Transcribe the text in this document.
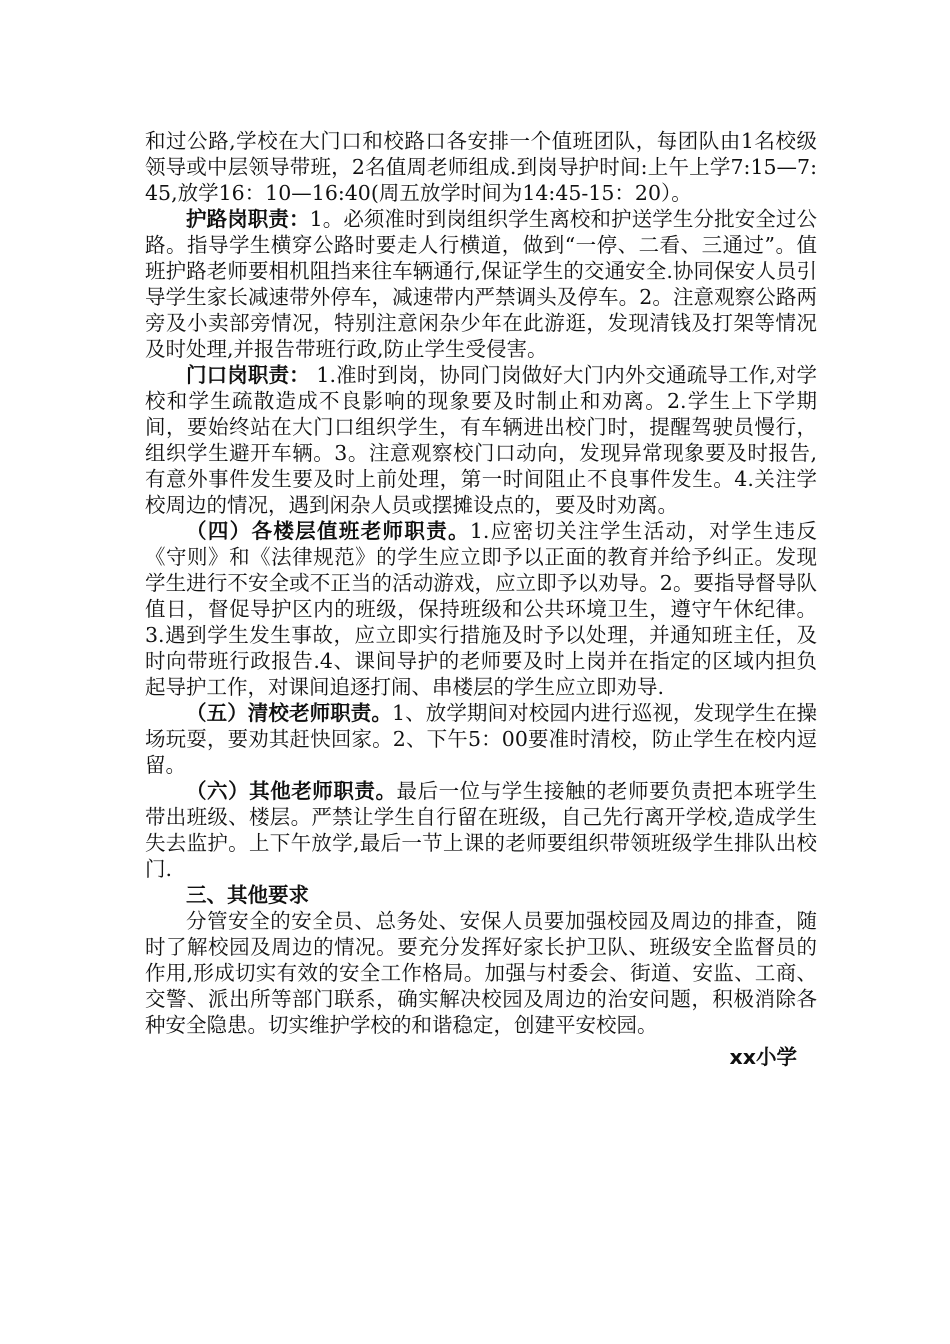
和过公路,学校在大门口和校路口各安排一个值班团队，每团队由1名校级领导或中层领导带班，2名值周老师组成.到岗导护时间:上午上学7:15—7:45,放学16：10—16:40(周五放学时间为14:45-15：20）。

护路岗职责：1。必须准时到岗组织学生离校和护送学生分批安全过公路。指导学生横穿公路时要走人行横道，做到“一停、二看、三通过”。值班护路老师要相机阻挡来往车辆通行,保证学生的交通安全.协同保安人员引导学生家长减速带外停车，减速带内严禁调头及停车。2。注意观察公路两旁及小卖部旁情况，特别注意闲杂少年在此游逛，发现清钱及打架等情况及时处理,并报告带班行政,防止学生受侵害。

门口岗职责： 1.准时到岗，协同门岗做好大门内外交通疏导工作,对学校和学生疏散造成不良影响的现象要及时制止和劝离。2.学生上下学期间，要始终站在大门口组织学生，有车辆进出校门时，提醒驾驶员慢行，组织学生避开车辆。3。注意观察校门口动向，发现异常现象要及时报告,有意外事件发生要及时上前处理，第一时间阻止不良事件发生。4.关注学校周边的情况，遇到闲杂人员或摆摊设点的，要及时劝离。

（四）各楼层值班老师职责。1.应密切关注学生活动，对学生违反《守则》和《法律规范》的学生应立即予以正面的教育并给予纠正。发现学生进行不安全或不正当的活动游戏，应立即予以劝导。2。要指导督导队值日，督促导护区内的班级，保持班级和公共环境卫生，遵守午休纪律。3.遇到学生发生事故，应立即实行措施及时予以处理，并通知班主任，及时向带班行政报告.4、课间导护的老师要及时上岗并在指定的区域内担负起导护工作，对课间追逐打闹、串楼层的学生应立即劝导.

（五）清校老师职责。1、放学期间对校园内进行巡视，发现学生在操场玩耍，要劝其赶快回家。2、下午5：00要准时清校，防止学生在校内逗留。

（六）其他老师职责。最后一位与学生接触的老师要负责把本班学生带出班级、楼层。严禁让学生自行留在班级，自己先行离开学校,造成学生失去监护。上下午放学,最后一节上课的老师要组织带领班级学生排队出校门.

三、其他要求

分管安全的安全员、总务处、安保人员要加强校园及周边的排查，随时了解校园及周边的情况。要充分发挥好家长护卫队、班级安全监督员的作用,形成切实有效的安全工作格局。加强与村委会、街道、安监、工商、交警、派出所等部门联系，确实解决校园及周边的治安问题，积极消除各种安全隐患。切实维护学校的和谐稳定，创建平安校园。

xx小学
